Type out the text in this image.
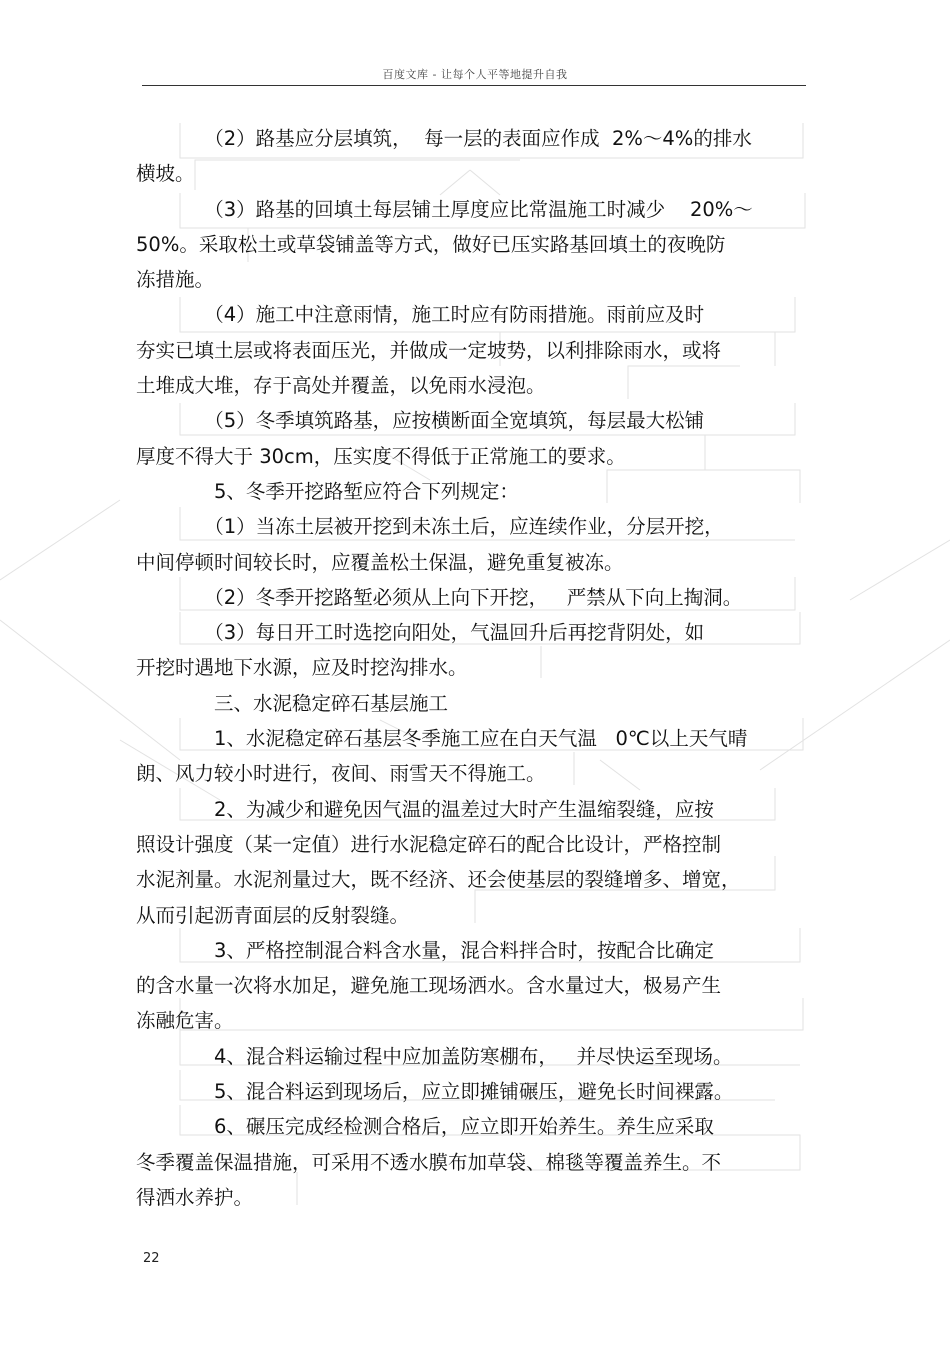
百度文库 - 让每个人平等地提升自我
　　　　（2）路基应分层填筑，  每一层的表面应作成  2%～4%的排水
横坡。
　　　　（3）路基的回填土每层铺土厚度应比常温施工时减少    20%～
50%。采取松土或草袋铺盖等方式，做好已压实路基回填土的夜晚防
冻措施。
　　　　（4）施工中注意雨情，施工时应有防雨措施。雨前应及时
夯实已填土层或将表面压光，并做成一定坡势，以利排除雨水，或将
土堆成大堆，存于高处并覆盖，以免雨水浸泡。
　　　　（5）冬季填筑路基，应按横断面全宽填筑，每层最大松铺
厚度不得大于 30cm，压实度不得低于正常施工的要求。
　　　　5、冬季开挖路堑应符合下列规定：
　　　　（1）当冻土层被开挖到未冻土后，应连续作业，分层开挖，
中间停顿时间较长时，应覆盖松土保温，避免重复被冻。
　　　　（2）冬季开挖路堑必须从上向下开挖，   严禁从下向上掏洞。
　　　　（3）每日开工时选挖向阳处，气温回升后再挖背阴处，如
开挖时遇地下水源，应及时挖沟排水。
　　　　三、水泥稳定碎石基层施工
　　　　1、水泥稳定碎石基层冬季施工应在白天气温   0℃以上天气晴
朗、风力较小时进行，夜间、雨雪天不得施工。
　　　　2、为减少和避免因气温的温差过大时产生温缩裂缝，应按
照设计强度（某一定值）进行水泥稳定碎石的配合比设计，严格控制
水泥剂量。水泥剂量过大，既不经济、还会使基层的裂缝增多、增宽，
从而引起沥青面层的反射裂缝。
　　　　3、严格控制混合料含水量，混合料拌合时，按配合比确定
的含水量一次将水加足，避免施工现场洒水。含水量过大，极易产生
冻融危害。
　　　　4、混合料运输过程中应加盖防寒棚布，   并尽快运至现场。
　　　　5、混合料运到现场后，应立即摊铺碾压，避免长时间裸露。
　　　　6、碾压完成经检测合格后，应立即开始养生。养生应采取
冬季覆盖保温措施，可采用不透水膜布加草袋、棉毯等覆盖养生。不
得洒水养护。
22
